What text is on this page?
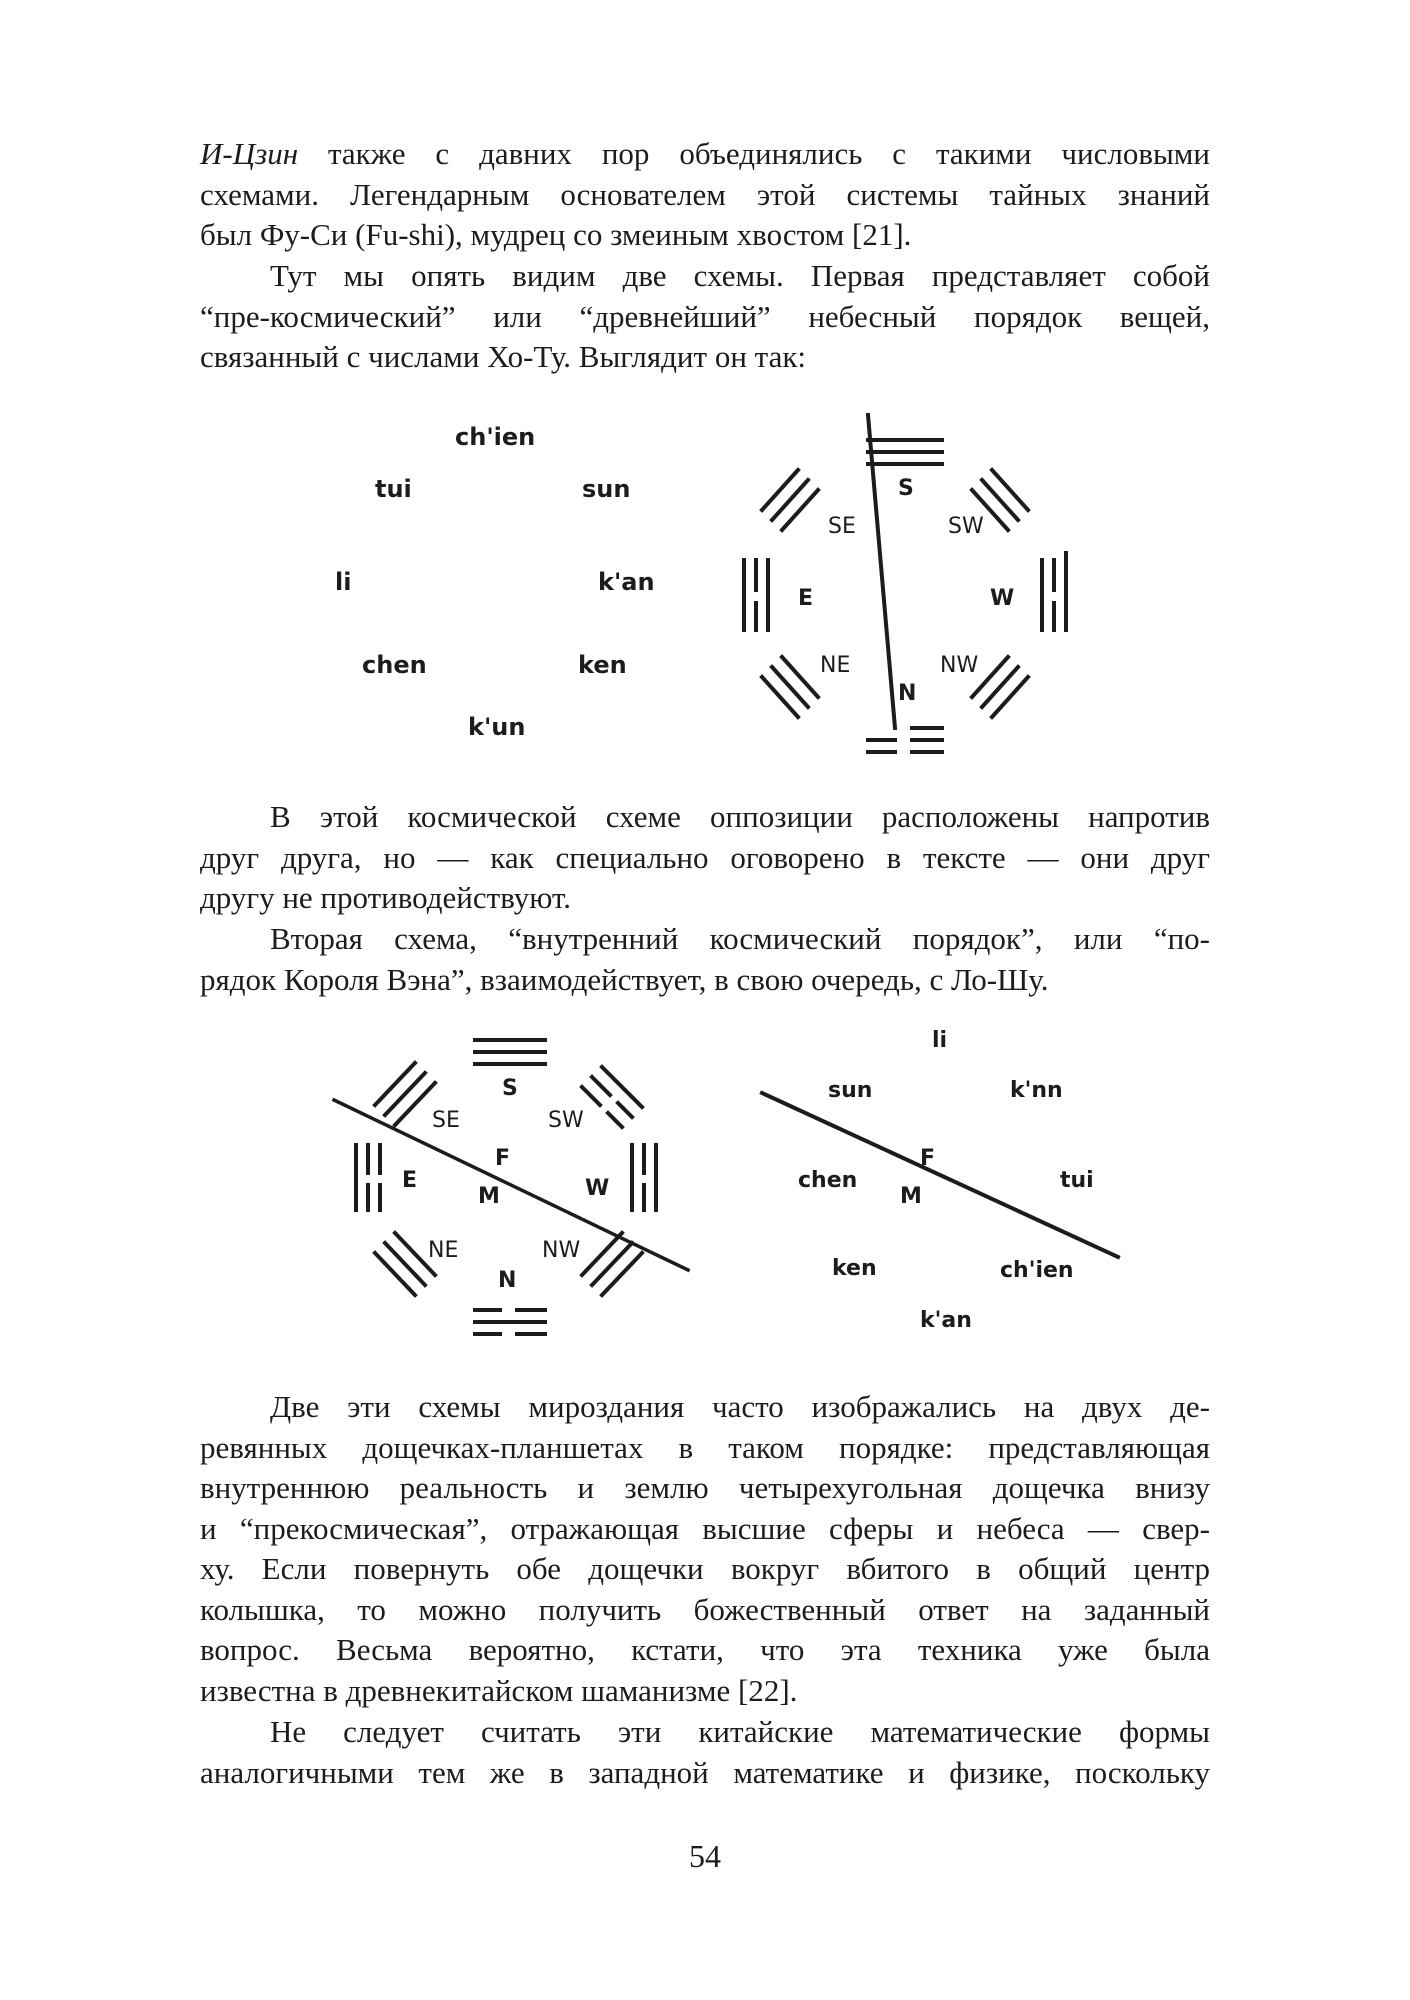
И-Цзин также с давних пор объединялись с такими числовыми
схемами. Легендарным основателем этой системы тайных знаний
был Фу-Си (Fu-shi), мудрец со змеиным хвостом [21].

Тут мы опять видим две схемы. Первая представляет собой
“пре-космический” или “древнейший” небесный порядок вещей,
связанный с числами Хо-Ту. Выглядит он так:

ch'ien
tui	sun
li	k'an
chen	ken
k'un
S
SE	SW
E	W
NE	NW
N

В этой космической схеме оппозиции расположены напротив
друг друга, но — как специально оговорено в тексте — они друг
другу не противодействуют.

Вторая схема, “внутренний космический порядок”, или “по-
рядок Короля Вэна”, взаимодействует, в свою очередь, с Ло-Шу.

S
SE	SW
F
E	W
M
NE	NW
N
li
sun	k'nn
F
chen	tui
M
ken	ch'ien
k'an

Две эти схемы мироздания часто изображались на двух де-
ревянных дощечках-планшетах в таком порядке: представляющая
внутреннюю реальность и землю четырехугольная дощечка внизу
и “прекосмическая”, отражающая высшие сферы и небеса — свер-
ху. Если повернуть обе дощечки вокруг вбитого в общий центр
колышка, то можно получить божественный ответ на заданный
вопрос. Весьма вероятно, кстати, что эта техника уже была
известна в древнекитайском шаманизме [22].

Не следует считать эти китайские математические формы
аналогичными тем же в западной математике и физике, поскольку

54
